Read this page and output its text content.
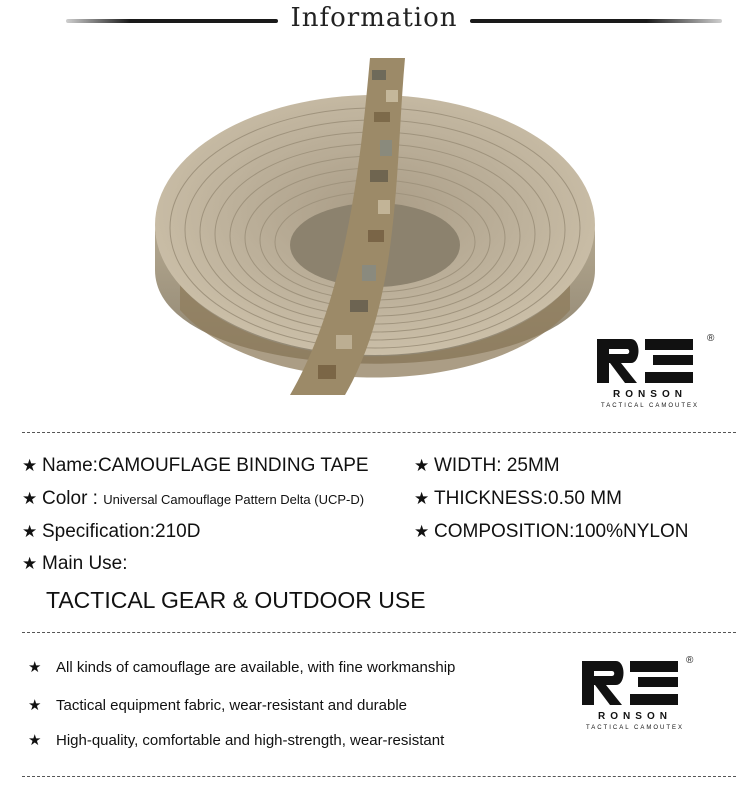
Information
®
RONSON
TACTICAL CAMOUTEX
★ Name:CAMOUFLAGE BINDING TAPE
★ Color : Universal Camouflage Pattern Delta (UCP-D)
★ Specification:210D
★ Main Use:
TACTICAL GEAR & OUTDOOR USE
★ WIDTH: 25MM
★ THICKNESS:0.50 MM
★ COMPOSITION:100%NYLON
★ All kinds of camouflage are available, with fine workmanship
★ Tactical equipment fabric, wear-resistant and durable
★ High-quality, comfortable and high-strength, wear-resistant
®
RONSON
TACTICAL CAMOUTEX
